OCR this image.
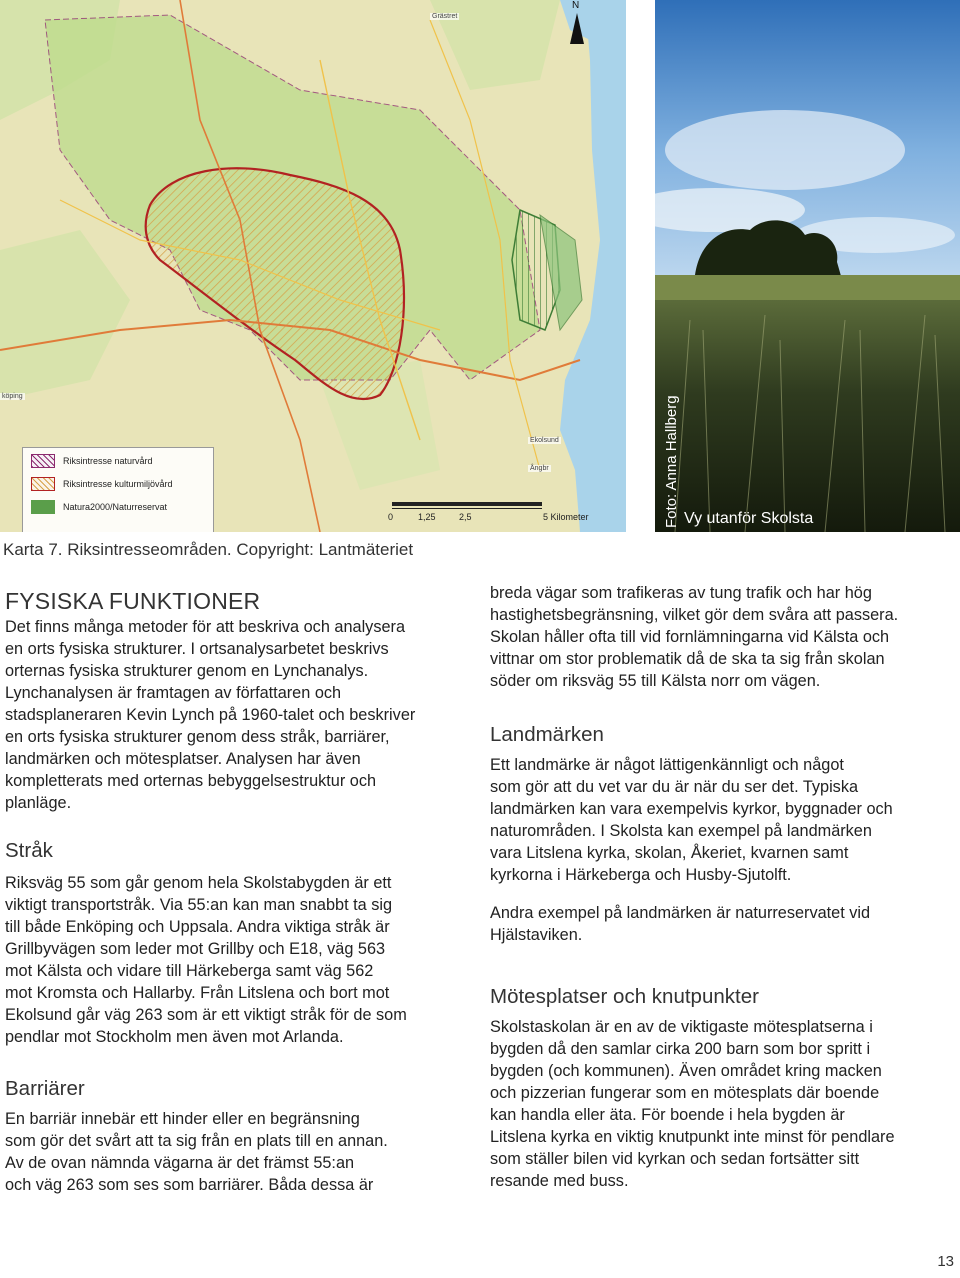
köping
Grästret
Ekolsund
Ångbr
N
Riksintresse naturvård
Riksintresse kulturmiljövård
Natura2000/Naturreservat
0	1,25	2,5	5 Kilometer	Foto: Anna Hallberg Vy utanför Skolsta
Karta 7. Riksintresseområden. Copyright: Lantmäteriet
FYSISKA FUNKTIONER

Det finns många metoder för att beskriva och analysera

en orts fysiska strukturer. I ortsanalysarbetet beskrivs

orternas fysiska strukturer genom en Lynchanalys.

Lynchanalysen är framtagen av författaren och

stadsplaneraren Kevin Lynch på 1960-talet och beskriver

en orts fysiska strukturer genom dess stråk, barriärer,

landmärken och mötesplatser. Analysen har även

kompletterats med orternas bebyggelsestruktur och

planläge.

Stråk

Riksväg 55 som går genom hela Skolstabygden är ett

viktigt transportstråk. Via 55:an kan man snabbt ta sig

till både Enköping och Uppsala. Andra viktiga stråk är

Grillbyvägen som leder mot Grillby och E18, väg 563

mot Kälsta och vidare till Härkeberga samt väg 562

mot Kromsta och Hallarby. Från Litslena och bort mot

Ekolsund går väg 263 som är ett viktigt stråk för de som

pendlar mot Stockholm men även mot Arlanda.

Barriärer

En barriär innebär ett hinder eller en begränsning

som gör det svårt att ta sig från en plats till en annan.

Av de ovan nämnda vägarna är det främst 55:an

och väg 263 som ses som barriärer. Båda dessa är

breda vägar som trafikeras av tung trafik och har hög

hastighetsbegränsning, vilket gör dem svåra att passera.

Skolan håller ofta till vid fornlämningarna vid Kälsta och

vittnar om stor problematik då de ska ta sig från skolan

söder om riksväg 55 till Kälsta norr om vägen.

Landmärken

Ett landmärke är något lättigenkännligt och något

som gör att du vet var du är när du ser det. Typiska

landmärken kan vara exempelvis kyrkor, byggnader och

naturområden. I Skolsta kan exempel på landmärken

vara Litslena kyrka, skolan, Åkeriet, kvarnen samt

kyrkorna i Härkeberga och Husby-Sjutolft.

Andra exempel på landmärken är naturreservatet vid

Hjälstaviken.

Mötesplatser och knutpunkter

Skolstaskolan är en av de viktigaste mötesplatserna i

bygden då den samlar cirka 200 barn som bor spritt i

bygden (och kommunen). Även området kring macken

och pizzerian fungerar som en mötesplats där boende

kan handla eller äta. För boende i hela bygden är

Litslena kyrka en viktig knutpunkt inte minst för pendlare

som ställer bilen vid kyrkan och sedan fortsätter sitt

resande med buss.

13
